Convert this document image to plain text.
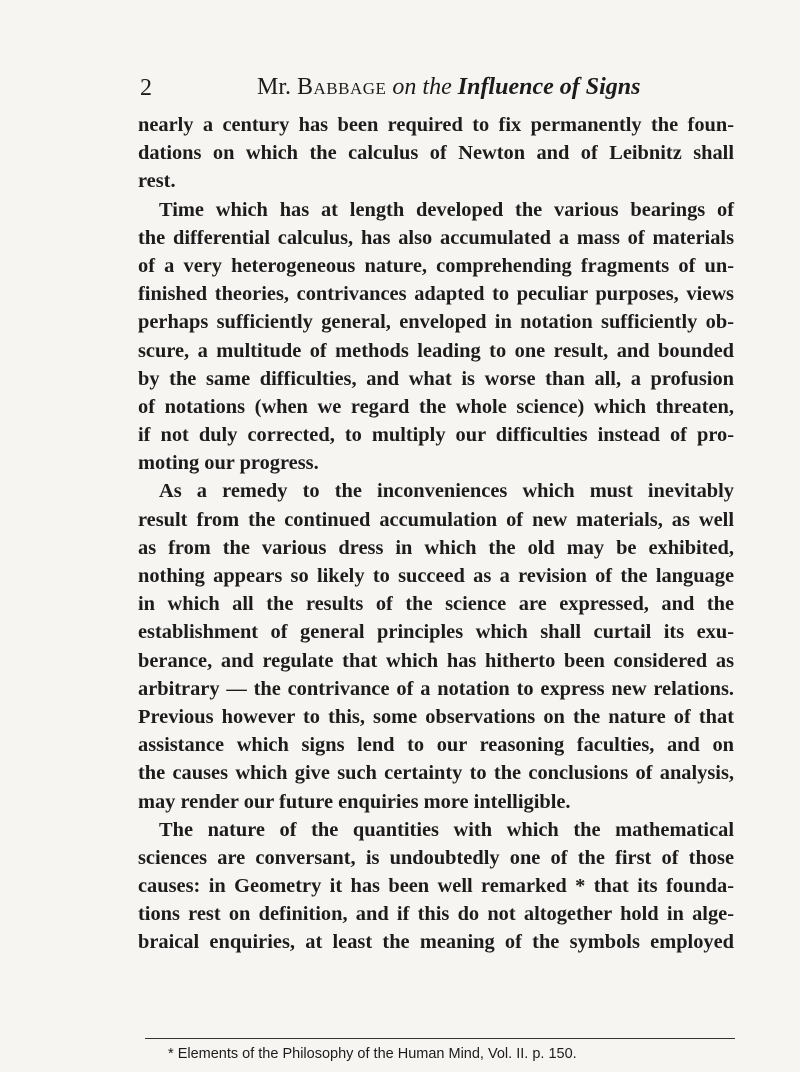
2	Mr. Babbage on the Influence of Signs
nearly a century has been required to fix permanently the foun-
dations on which the calculus of Newton and of Leibnitz shall
rest.
Time which has at length developed the various bearings of
the differential calculus, has also accumulated a mass of materials
of a very heterogeneous nature, comprehending fragments of un-
finished theories, contrivances adapted to peculiar purposes, views
perhaps sufficiently general, enveloped in notation sufficiently ob-
scure, a multitude of methods leading to one result, and bounded
by the same difficulties, and what is worse than all, a profusion
of notations (when we regard the whole science) which threaten,
if not duly corrected, to multiply our difficulties instead of pro-
moting our progress.
As a remedy to the inconveniences which must inevitably
result from the continued accumulation of new materials, as well
as from the various dress in which the old may be exhibited,
nothing appears so likely to succeed as a revision of the language
in which all the results of the science are expressed, and the
establishment of general principles which shall curtail its exu-
berance, and regulate that which has hitherto been considered as
arbitrary — the contrivance of a notation to express new relations.
Previous however to this, some observations on the nature of that
assistance which signs lend to our reasoning faculties, and on
the causes which give such certainty to the conclusions of analysis,
may render our future enquiries more intelligible.
The nature of the quantities with which the mathematical
sciences are conversant, is undoubtedly one of the first of those
causes: in Geometry it has been well remarked * that its founda-
tions rest on definition, and if this do not altogether hold in alge-
braical enquiries, at least the meaning of the symbols employed
* Elements of the Philosophy of the Human Mind, Vol. II. p. 150.
